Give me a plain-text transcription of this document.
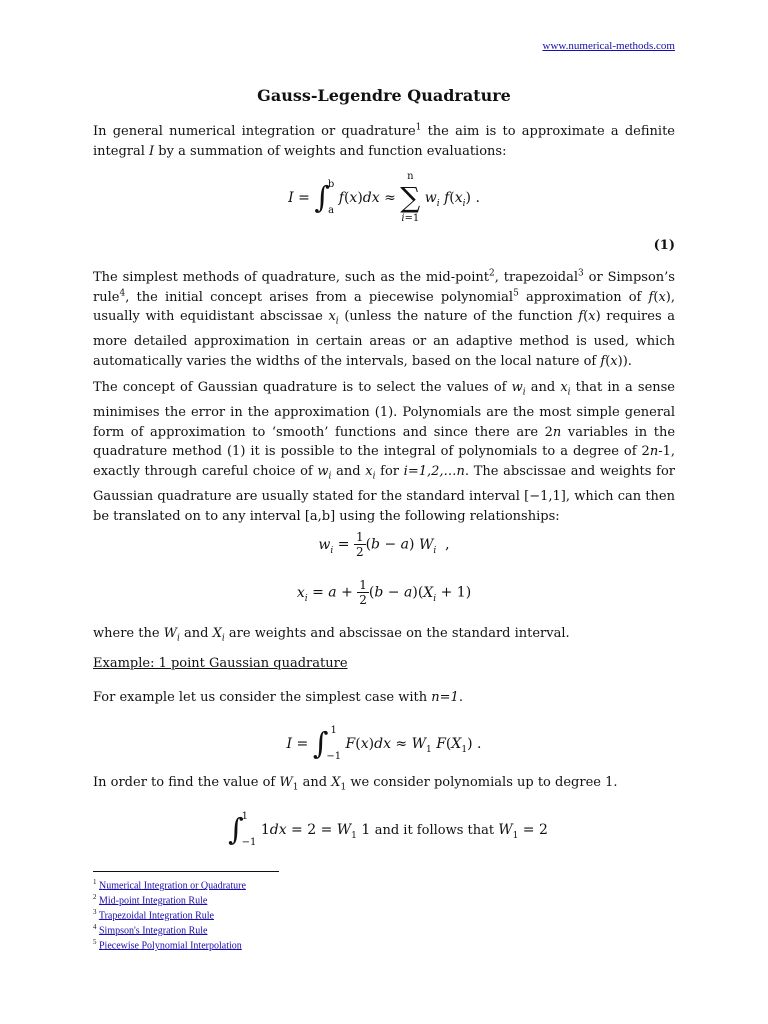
www.numerical-methods.com
Gauss-Legendre Quadrature
In general numerical integration or quadrature$^1$ the aim is to approximate a definite integral I by a summation of weights and function evaluations:
I = ∫
b
a
f(x)dx ≈
n
∑
i=1
$w_i$ $f(x_i)$ .
(1)
The simplest methods of quadrature, such as the mid-point$^2$, trapezoidal$^3$ or Simpson’s rule$^4$, the initial concept arises from a piecewise polynomial$^5$ approximation of f(x), usually with equidistant abscissae $x_i$ (unless the nature of the function f(x) requires a more detailed approximation in certain areas or an adaptive method is used, which automatically varies the widths of the intervals, based on the local nature of f(x)).
The concept of Gaussian quadrature is to select the values of $w_i$ and $x_i$ that in a sense minimises the error in the approximation (1). Polynomials are the most simple general form of approximation to ‘smooth’ functions and since there are 2n variables in the quadrature method (1) it is possible to the integral of polynomials to a degree of 2n-1, exactly through careful choice of $w_i$ and $x_i$ for i=1,2,…n. The abscissae and weights for Gaussian quadrature are usually stated for the standard interval [−1,1], which can then be translated on to any interval [a,b] using the following relationships:
$w_i = \frac{1}{2} (b - a)$ $W_i$  ,
$x_i = a + \frac{1}{2} (b - a)(X_i + 1)$
where the $W_i$ and $X_i$ are weights and abscissae on the standard interval.
Example: 1 point Gaussian quadrature
For example let us consider the simplest case with n=1.
I = ∫ 1
−1
$F(x)dx \approx W_1$ $F(X_1)$ .
In order to find the value of $W_1$ and $X_1$ we consider polynomials up to degree 1.
∫
1
−1
$1dx = 2 = W_1$ 1 and it follows that $W_1 = 2$
$^1$ Numerical Integration or Quadrature
$^2$ Mid-point Integration Rule
$^3$ Trapezoidal Integration Rule
$^4$ Simpson's Integration Rule
$^5$ Piecewise Polynomial Interpolation
